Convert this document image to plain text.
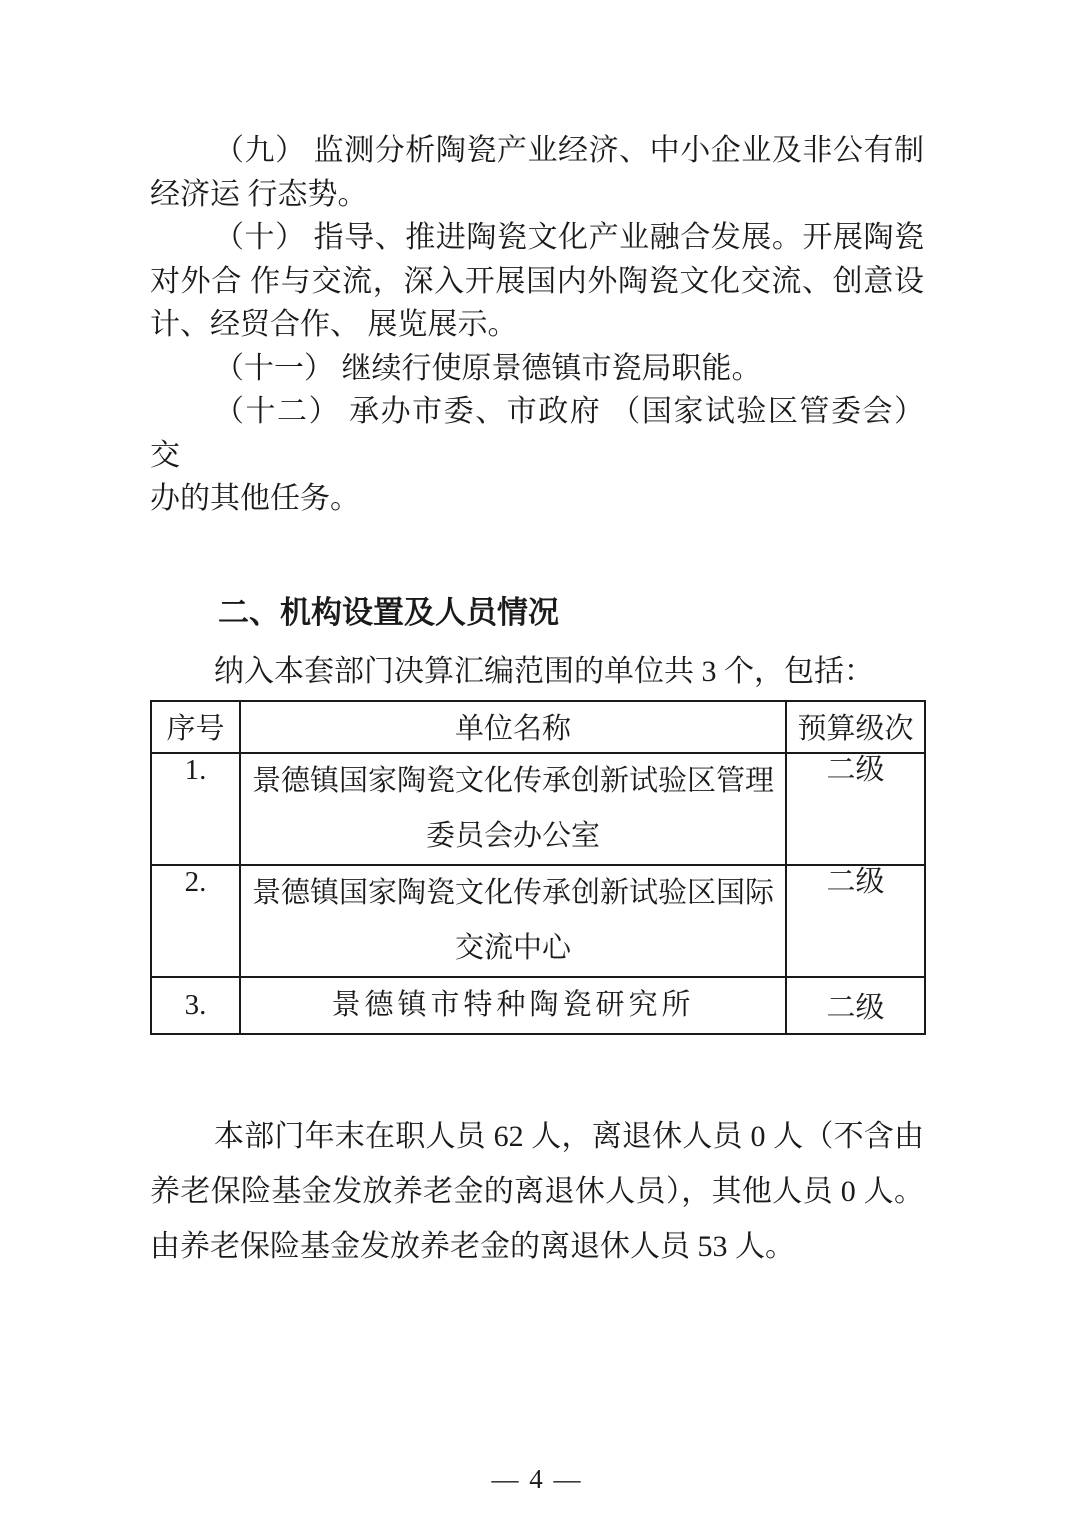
（九） 监测分析陶瓷产业经济、中小企业及非公有制
经济运 行态势。
（十） 指导、推进陶瓷文化产业融合发展。开展陶瓷
对外合 作与交流，深入开展国内外陶瓷文化交流、创意设
计、经贸合作、 展览展示。
（十一） 继续行使原景德镇市瓷局职能。
（十二） 承办市委、市政府 （国家试验区管委会） 交
办的其他任务。
二、机构设置及人员情况
纳入本套部门决算汇编范围的单位共 3 个，包括：
序号	单位名称	预算级次
1.	景德镇国家陶瓷文化传承创新试验区管理
委员会办公室	二级
2.	景德镇国家陶瓷文化传承创新试验区国际
交流中心	二级
3.	景德镇市特种陶瓷研究所	二级
本部门年末在职人员 62 人，离退休人员 0 人（不含由
养老保险基金发放养老金的离退休人员），其他人员 0 人。
由养老保险基金发放养老金的离退休人员 53 人。
— 4 —
